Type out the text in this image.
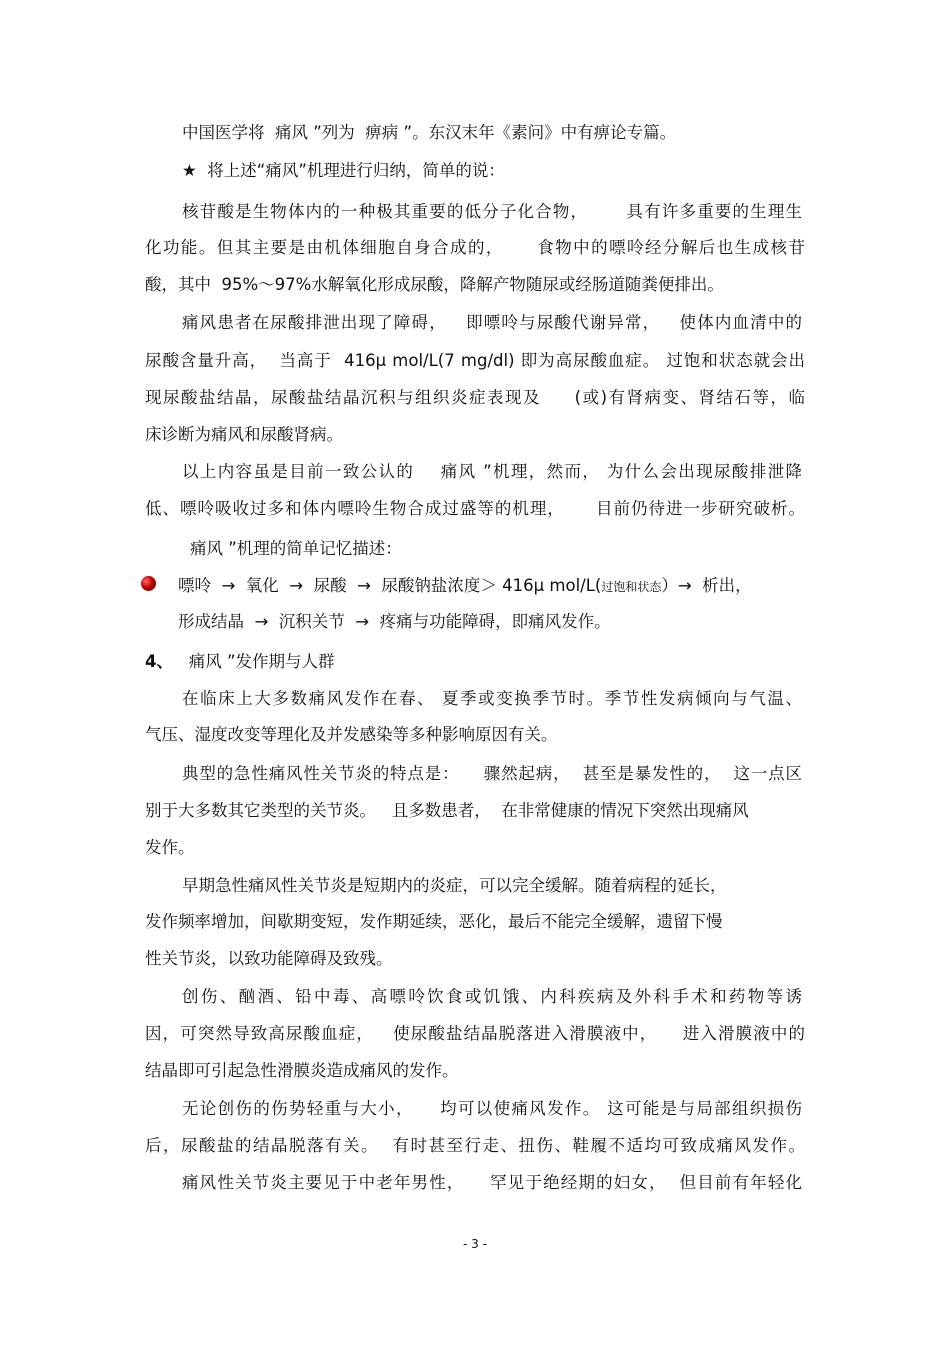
中国医学将  痛风 ”列为  痹病 ”。东汉末年《素问》中有痹论专篇。
★  将上述“痛风”机理进行归纳，简单的说：
核苷酸是生物体内的一种极其重要的低分子化合物，      具有许多重要的生理生
化功能。但其主要是由机体细胞自身合成的，     食物中的嘌呤经分解后也生成核苷
酸，其中  95%～97%水解氧化形成尿酸，降解产物随尿或经肠道随粪便排出。
痛风患者在尿酸排泄出现了障碍，   即嘌呤与尿酸代谢异常，   使体内血清中的
尿酸含量升高，  当高于  416μ mol/L(7 mg/dl) 即为高尿酸血症。 过饱和状态就会出
现尿酸盐结晶，尿酸盐结晶沉积与组织炎症表现及     (或)有肾病变、肾结石等，临
床诊断为痛风和尿酸肾病。
以上内容虽是目前一致公认的    痛风 ”机理，然而， 为什么会出现尿酸排泄降
低、嘌呤吸收过多和体内嘌呤生物合成过盛等的机理，     目前仍待进一步研究破析。
痛风 ”机理的简单记忆描述：
嘌呤  →  氧化  →  尿酸  →  尿酸钠盐浓度＞ 416μ mol/L(过饱和状态）→  析出，
形成结晶  →  沉积关节  →  疼痛与功能障碍，即痛风发作。
4、 痛风 ”发作期与人群
在临床上大多数痛风发作在春、 夏季或变换季节时。季节性发病倾向与气温、
气压、湿度改变等理化及并发感染等多种影响原因有关。
典型的急性痛风性关节炎的特点是：    骤然起病，  甚至是暴发性的，  这一点区
别于大多数其它类型的关节炎。   且多数患者，  在非常健康的情况下突然出现痛风
发作。
早期急性痛风性关节炎是短期内的炎症，可以完全缓解。随着病程的延长，
发作频率增加，间歇期变短，发作期延续，恶化，最后不能完全缓解，遗留下慢
性关节炎，以致功能障碍及致残。
创伤、酗酒、铅中毒、高嘌呤饮食或饥饿、内科疾病及外科手术和药物等诱
因，可突然导致高尿酸血症，   使尿酸盐结晶脱落进入滑膜液中，    进入滑膜液中的
结晶即可引起急性滑膜炎造成痛风的发作。
无论创伤的伤势轻重与大小，    均可以使痛风发作。 这可能是与局部组织损伤
后，尿酸盐的结晶脱落有关。  有时甚至行走、扭伤、鞋履不适均可致成痛风发作。
痛风性关节炎主要见于中老年男性，    罕见于绝经期的妇女，  但目前有年轻化
- 3 -
